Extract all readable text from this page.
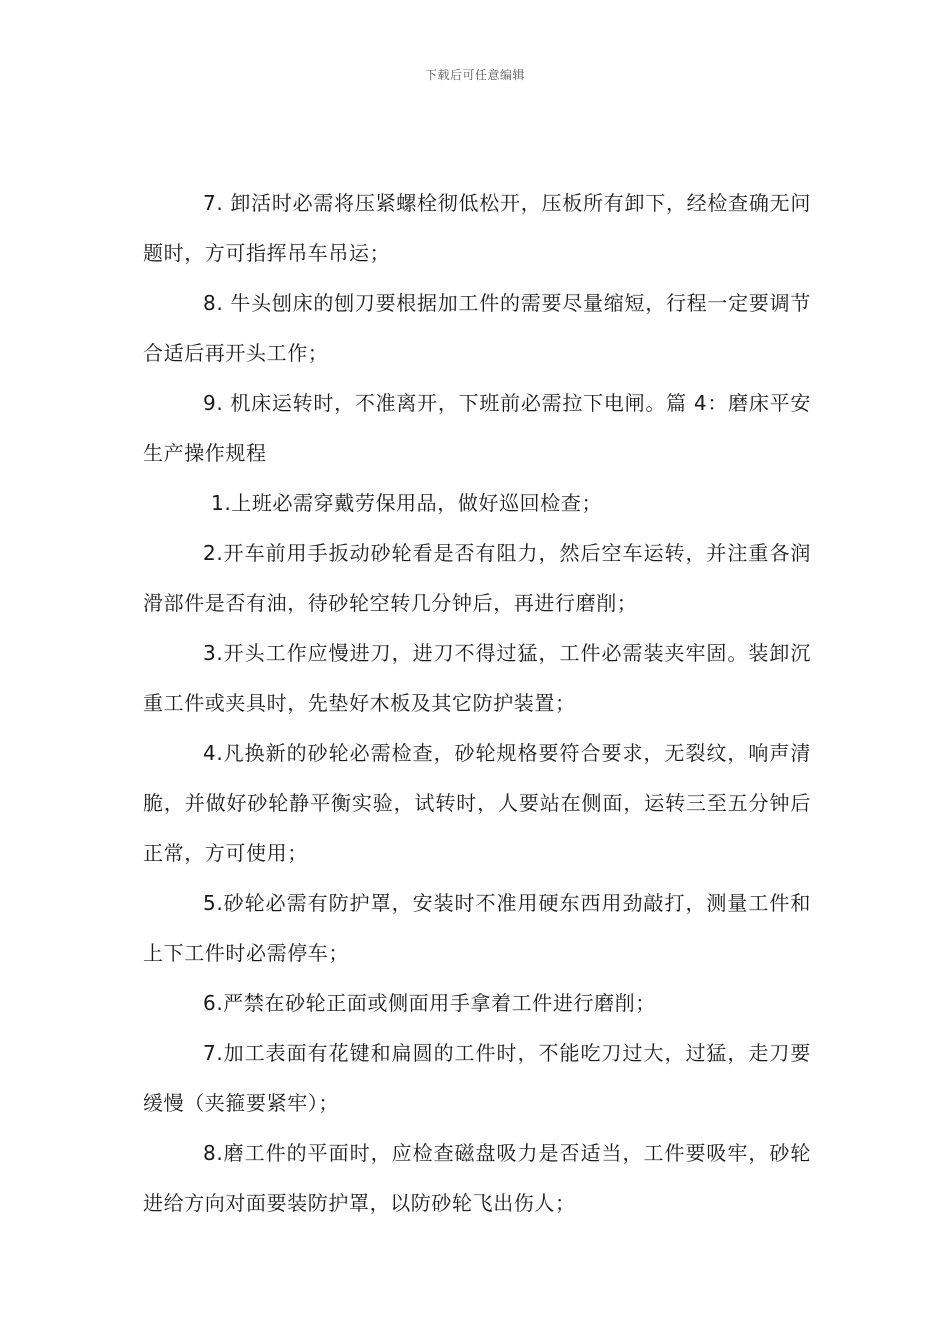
下载后可任意编辑

7. 卸活时必需将压紧螺栓彻低松开，压板所有卸下，经检查确无问题时，方可指挥吊车吊运；

8. 牛头刨床的刨刀要根据加工件的需要尽量缩短，行程一定要调节合适后再开头工作；

9. 机床运转时，不准离开，下班前必需拉下电闸。篇 4：磨床平安生产操作规程

1.上班必需穿戴劳保用品，做好巡回检查；

2.开车前用手扳动砂轮看是否有阻力，然后空车运转，并注重各润滑部件是否有油，待砂轮空转几分钟后，再进行磨削；

3.开头工作应慢进刀，进刀不得过猛，工件必需装夹牢固。装卸沉重工件或夹具时，先垫好木板及其它防护装置；

4.凡换新的砂轮必需检查，砂轮规格要符合要求，无裂纹，响声清脆，并做好砂轮静平衡实验，试转时，人要站在侧面，运转三至五分钟后正常，方可使用；

5.砂轮必需有防护罩，安装时不准用硬东西用劲敲打，测量工件和上下工件时必需停车；

6.严禁在砂轮正面或侧面用手拿着工件进行磨削；

7.加工表面有花键和扁圆的工件时，不能吃刀过大，过猛，走刀要缓慢（夹箍要紧牢）；

8.磨工件的平面时，应检查磁盘吸力是否适当，工件要吸牢，砂轮进给方向对面要装防护罩，以防砂轮飞出伤人；
